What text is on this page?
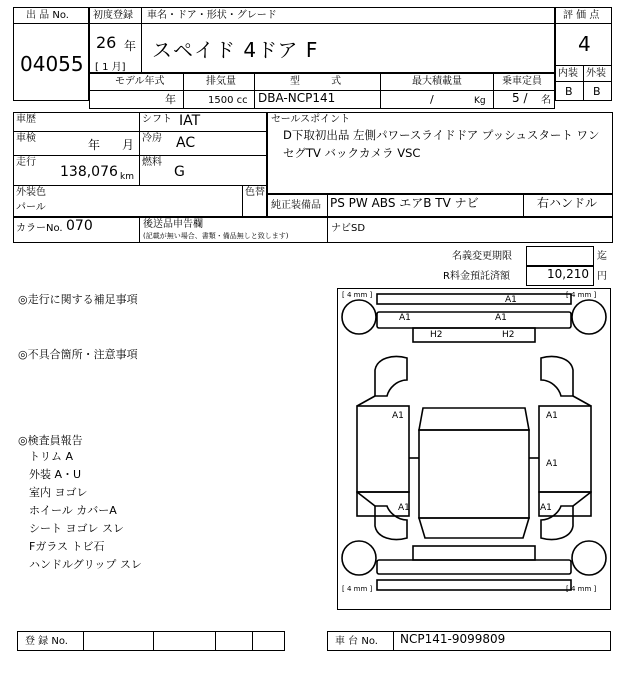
出 品 No.
04055
初度登録 車名・ドア・形状・グレード
26 年
[ 1 月]
スペイド 4ドア F
評 価 点
4
内装 外装
B B
モデル年式	排気量	型 式	最大積載量	乗車定員
年	1500 cc DBA-NCP141	/	Kg 5 / 名
車歴	シフト IAT
車検	年 月 冷房 AC
走行
138,076 km
燃料
G
外装色
パール
色替
カラーNo. 070	後送品申告欄
(記載が無い場合、書類・備品無しと致します)
ナビSD
セールスポイント
D下取初出品 左側パワースライドドア プッシュスタート ワン
セグTV バックカメラ VSC
純正装備品 PS PW ABS エアB TV ナビ	右ハンドル
名義変更期限	迄
R料金預託済額	10,210 円
◎走行に関する補足事項
◎不具合箇所・注意事項
◎検査員報告
トリム A
外装 A・U
室内 ヨゴレ
ホイール カバーA
シート ヨゴレ スレ
Fガラス トビ石
ハンドルグリップ スレ
[ 4 mm ]	[ 4 mm ]
[ 4 mm ]	[ 4 mm ]
A1
A1	A1
H2	H2
A1	A1
A1
A1	A1
登 録 No.	車 台 No. NCP141-9099809
